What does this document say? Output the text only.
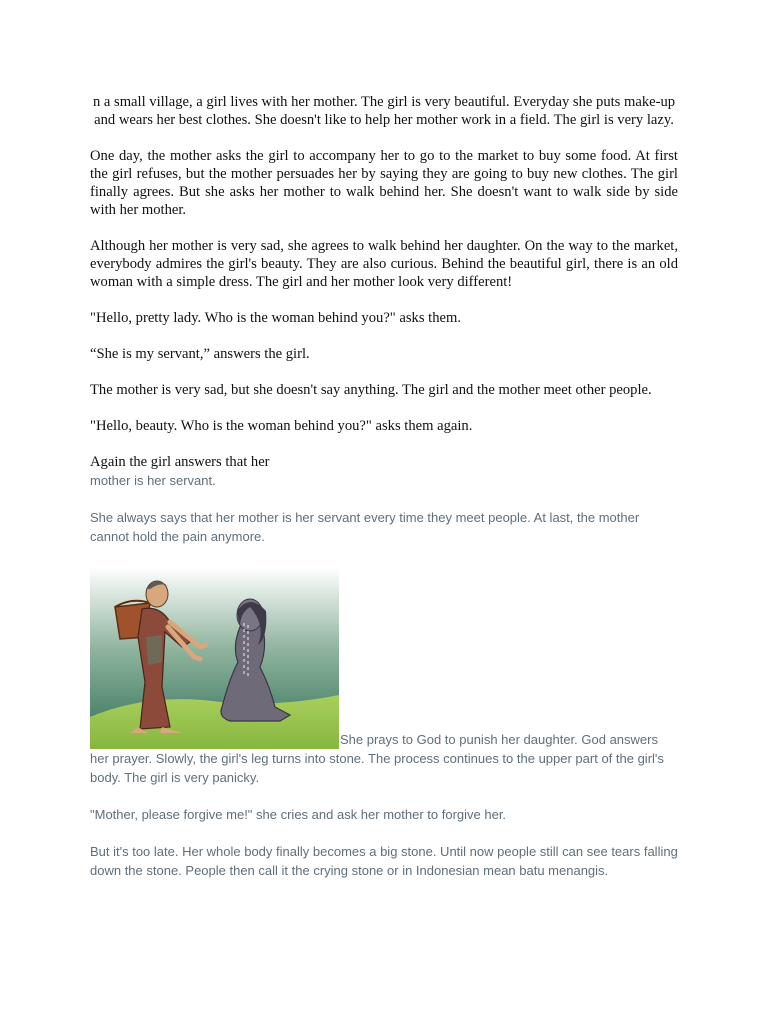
n a small village, a girl lives with her mother. The girl is very beautiful. Everyday she puts make-up and wears her best clothes. She doesn't like to help her mother work in a field. The girl is very lazy.

One day, the mother asks the girl to accompany her to go to the market to buy some food. At first the girl refuses, but the mother persuades her by saying they are going to buy new clothes. The girl finally agrees. But she asks her mother to walk behind her. She doesn't want to walk side by side with her mother.

Although her mother is very sad, she agrees to walk behind her daughter. On the way to the market, everybody admires the girl's beauty. They are also curious. Behind the beautiful girl, there is an old woman with a simple dress. The girl and her mother look very different!

"Hello, pretty lady. Who is the woman behind you?" asks them.

“She is my servant,” answers the girl.

The mother is very sad, but she doesn't say anything. The girl and the mother meet other people.

"Hello, beauty. Who is the woman behind you?" asks them again.

Again the girl answers that her

mother is her servant.

She always says that her mother is her servant every time they meet people. At last, the mother cannot hold the pain anymore.

She prays to God to punish her daughter. God answers her prayer. Slowly, the girl's leg turns into stone. The process continues to the upper part of the girl's body. The girl is very panicky.

"Mother, please forgive me!" she cries and ask her mother to forgive her.

But it's too late. Her whole body finally becomes a big stone. Until now people still can see tears falling down the stone. People then call it the crying stone or in Indonesian mean batu menangis.
